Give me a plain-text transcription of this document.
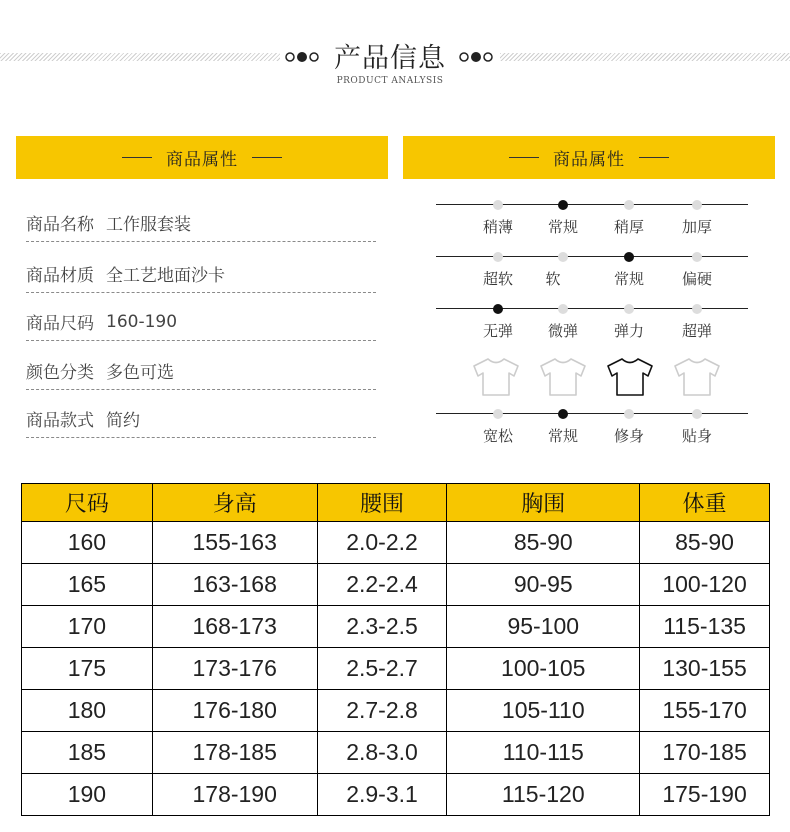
产品信息
PRODUCT ANALYSIS
商品属性	商品属性
商品名称 工作服套装
商品材质 全工艺地面沙卡
商品尺码 160-190
颜色分类 多色可选
商品款式 简约
稍薄	常规	稍厚	加厚
超软	软	常规	偏硬
无弹	微弹	弹力	超弹
宽松	常规	修身	贴身
尺码	身高	腰围	胸围	体重
160	155-163	2.0-2.2	85-90	85-90
165	163-168	2.2-2.4	90-95	100-120
170	168-173	2.3-2.5	95-100	115-135
175	173-176	2.5-2.7	100-105	130-155
180	176-180	2.7-2.8	105-110	155-170
185	178-185	2.8-3.0	110-115	170-185
190	178-190	2.9-3.1	115-120	175-190
